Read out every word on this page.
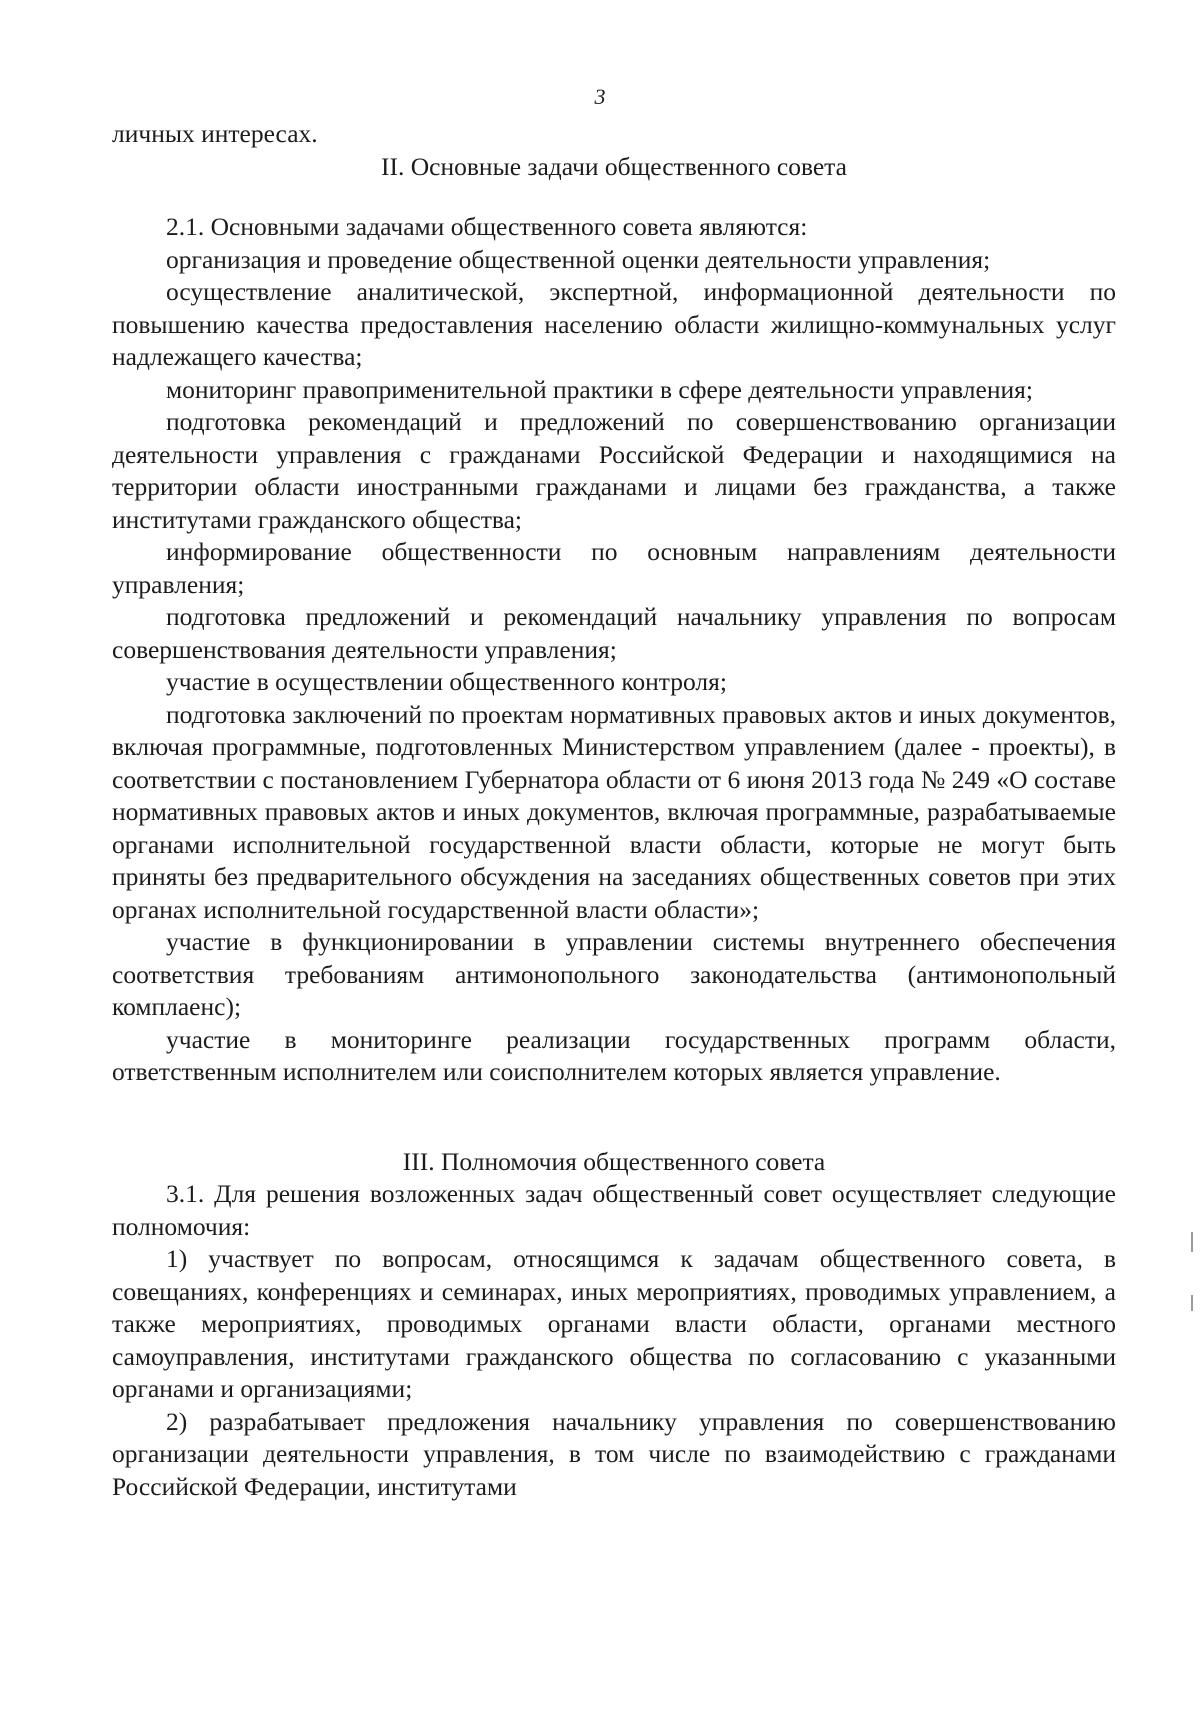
3

личных интересах.

II. Основные задачи общественного совета

2.1. Основными задачами общественного совета являются:

организация и проведение общественной оценки деятельности управления;

осуществление аналитической, экспертной, информационной деятельности по повышению качества предоставления населению области жилищно-коммунальных услуг надлежащего качества;

мониторинг правоприменительной практики в сфере деятельности управления;

подготовка рекомендаций и предложений по совершенствованию организации деятельности управления с гражданами Российской Федерации и находящимися на территории области иностранными гражданами и лицами без гражданства, а также институтами гражданского общества;

информирование общественности по основным направлениям деятельности управления;

подготовка предложений и рекомендаций начальнику управления по вопросам совершенствования деятельности управления;

участие в осуществлении общественного контроля;

подготовка заключений по проектам нормативных правовых актов и иных документов, включая программные, подготовленных Министерством управлением (далее - проекты), в соответствии с постановлением Губернатора области от 6 июня 2013 года № 249 «О составе нормативных правовых актов и иных документов, включая программные, разрабатываемые органами исполнительной государственной власти области, которые не могут быть приняты без предварительного обсуждения на заседаниях общественных советов при этих органах исполнительной государственной власти области»;

участие в функционировании в управлении системы внутреннего обеспечения соответствия требованиям антимонопольного законодательства (антимонопольный комплаенс);

участие в мониторинге реализации государственных программ области, ответственным исполнителем или соисполнителем которых является управление.

III. Полномочия общественного совета

3.1. Для решения возложенных задач общественный совет осуществляет следующие полномочия:

1) участвует по вопросам, относящимся к задачам общественного совета, в совещаниях, конференциях и семинарах, иных мероприятиях, проводимых управлением, а также мероприятиях, проводимых органами власти области, органами местного самоуправления, институтами гражданского общества по согласованию с указанными органами и организациями;

2) разрабатывает предложения начальнику управления по совершенствованию организации деятельности управления, в том числе по взаимодействию с гражданами Российской Федерации, институтами
